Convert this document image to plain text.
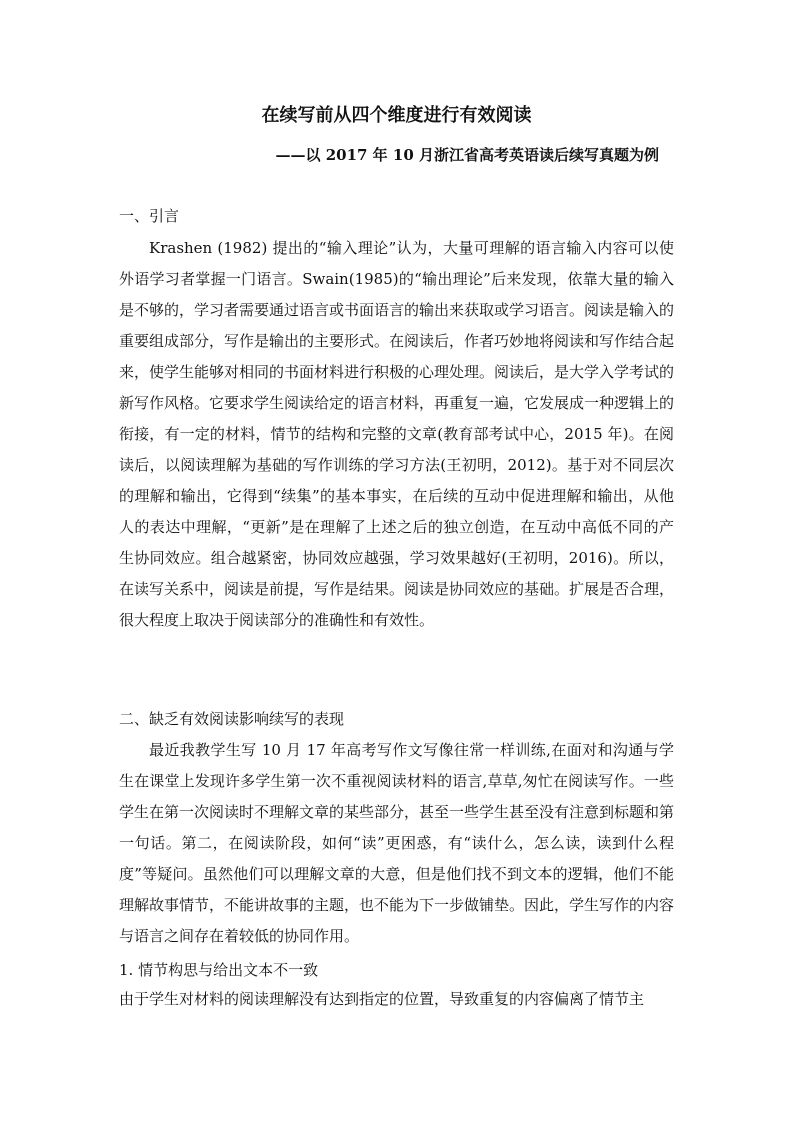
在续写前从四个维度进行有效阅读
——以 2017 年 10 月浙江省高考英语读后续写真题为例
一、引言
Krashen (1982) 提出的“输入理论”认为，大量可理解的语言输入内容可以使外语学习者掌握一门语言。Swain(1985)的“输出理论”后来发现，依靠大量的输入是不够的，学习者需要通过语言或书面语言的输出来获取或学习语言。阅读是输入的重要组成部分，写作是输出的主要形式。在阅读后，作者巧妙地将阅读和写作结合起来，使学生能够对相同的书面材料进行积极的心理处理。阅读后，是大学入学考试的新写作风格。它要求学生阅读给定的语言材料，再重复一遍，它发展成一种逻辑上的衔接，有一定的材料，情节的结构和完整的文章(教育部考试中心，2015 年)。在阅读后，以阅读理解为基础的写作训练的学习方法(王初明，2012)。基于对不同层次的理解和输出，它得到“续集”的基本事实，在后续的互动中促进理解和输出，从他人的表达中理解，“更新”是在理解了上述之后的独立创造，在互动中高低不同的产生协同效应。组合越紧密，协同效应越强，学习效果越好(王初明，2016)。所以，在读写关系中，阅读是前提，写作是结果。阅读是协同效应的基础。扩展是否合理，很大程度上取决于阅读部分的准确性和有效性。
二、缺乏有效阅读影响续写的表现
最近我教学生写 10 月 17 年高考写作文写像往常一样训练,在面对和沟通与学生在课堂上发现许多学生第一次不重视阅读材料的语言,草草,匆忙在阅读写作。一些学生在第一次阅读时不理解文章的某些部分，甚至一些学生甚至没有注意到标题和第一句话。第二，在阅读阶段，如何“读”更困惑，有“读什么，怎么读，读到什么程度”等疑问。虽然他们可以理解文章的大意，但是他们找不到文本的逻辑，他们不能理解故事情节，不能讲故事的主题，也不能为下一步做铺垫。因此，学生写作的内容与语言之间存在着较低的协同作用。
1. 情节构思与给出文本不一致
由于学生对材料的阅读理解没有达到指定的位置，导致重复的内容偏离了情节主
